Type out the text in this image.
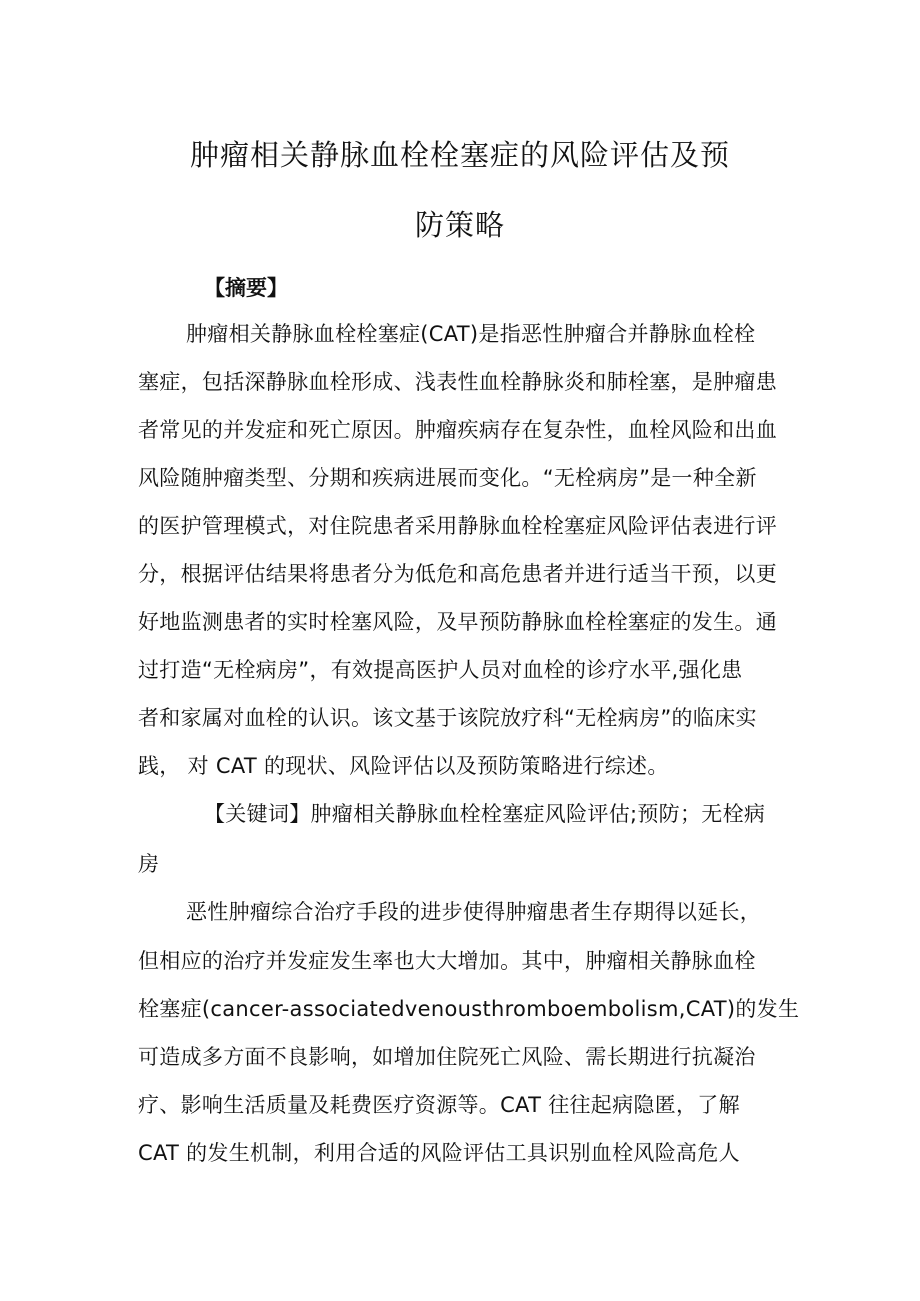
肿瘤相关静脉血栓栓塞症的风险评估及预
防策略
【摘要】
肿瘤相关静脉血栓栓塞症(CAT)是指恶性肿瘤合并静脉血栓栓
塞症，包括深静脉血栓形成、浅表性血栓静脉炎和肺栓塞，是肿瘤患
者常见的并发症和死亡原因。肿瘤疾病存在复杂性，血栓风险和出血
风险随肿瘤类型、分期和疾病进展而变化。“无栓病房”是一种全新
的医护管理模式，对住院患者采用静脉血栓栓塞症风险评估表进行评
分，根据评估结果将患者分为低危和高危患者并进行适当干预，以更
好地监测患者的实时栓塞风险，及早预防静脉血栓栓塞症的发生。通
过打造“无栓病房”，有效提高医护人员对血栓的诊疗水平,强化患
者和家属对血栓的认识。该文基于该院放疗科“无栓病房”的临床实
践， 对 CAT 的现状、风险评估以及预防策略进行综述。
【关键词】肿瘤相关静脉血栓栓塞症风险评估;预防；无栓病
房
恶性肿瘤综合治疗手段的进步使得肿瘤患者生存期得以延长，
但相应的治疗并发症发生率也大大增加。其中，肿瘤相关静脉血栓
栓塞症(cancer-associatedvenousthromboembolism,CAT)的发生
可造成多方面不良影响，如增加住院死亡风险、需长期进行抗凝治
疗、影响生活质量及耗费医疗资源等。CAT 往往起病隐匿，了解
CAT 的发生机制，利用合适的风险评估工具识别血栓风险高危人
